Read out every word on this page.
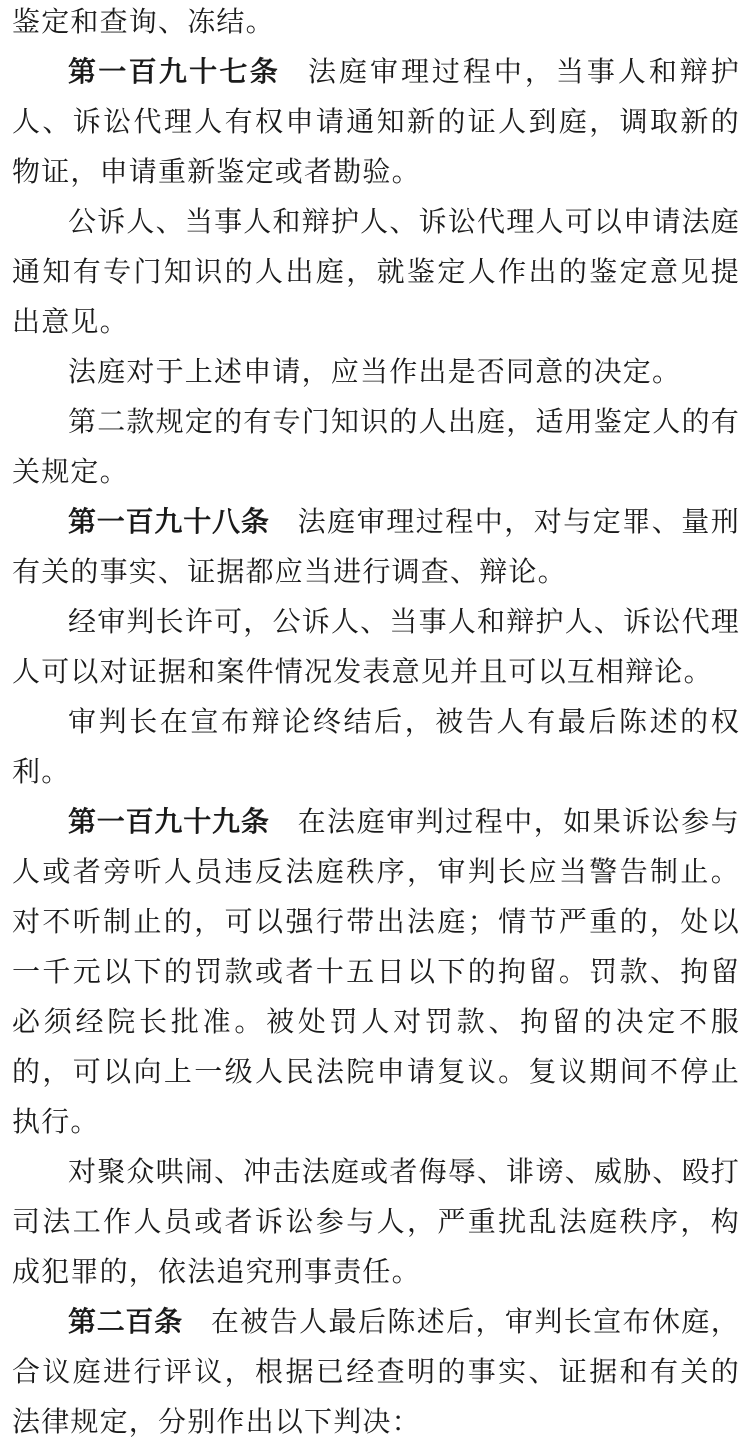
鉴定和查询、冻结。

第一百九十七条 法庭审理过程中，当事人和辩护人、诉讼代理人有权申请通知新的证人到庭，调取新的物证，申请重新鉴定或者勘验。

公诉人、当事人和辩护人、诉讼代理人可以申请法庭通知有专门知识的人出庭，就鉴定人作出的鉴定意见提出意见。

法庭对于上述申请，应当作出是否同意的决定。

第二款规定的有专门知识的人出庭，适用鉴定人的有关规定。

第一百九十八条 法庭审理过程中，对与定罪、量刑有关的事实、证据都应当进行调查、辩论。

经审判长许可，公诉人、当事人和辩护人、诉讼代理人可以对证据和案件情况发表意见并且可以互相辩论。

审判长在宣布辩论终结后，被告人有最后陈述的权利。

第一百九十九条 在法庭审判过程中，如果诉讼参与人或者旁听人员违反法庭秩序，审判长应当警告制止。对不听制止的，可以强行带出法庭；情节严重的，处以一千元以下的罚款或者十五日以下的拘留。罚款、拘留必须经院长批准。被处罚人对罚款、拘留的决定不服的，可以向上一级人民法院申请复议。复议期间不停止执行。

对聚众哄闹、冲击法庭或者侮辱、诽谤、威胁、殴打司法工作人员或者诉讼参与人，严重扰乱法庭秩序，构成犯罪的，依法追究刑事责任。

第二百条 在被告人最后陈述后，审判长宣布休庭，合议庭进行评议，根据已经查明的事实、证据和有关的法律规定，分别作出以下判决：
